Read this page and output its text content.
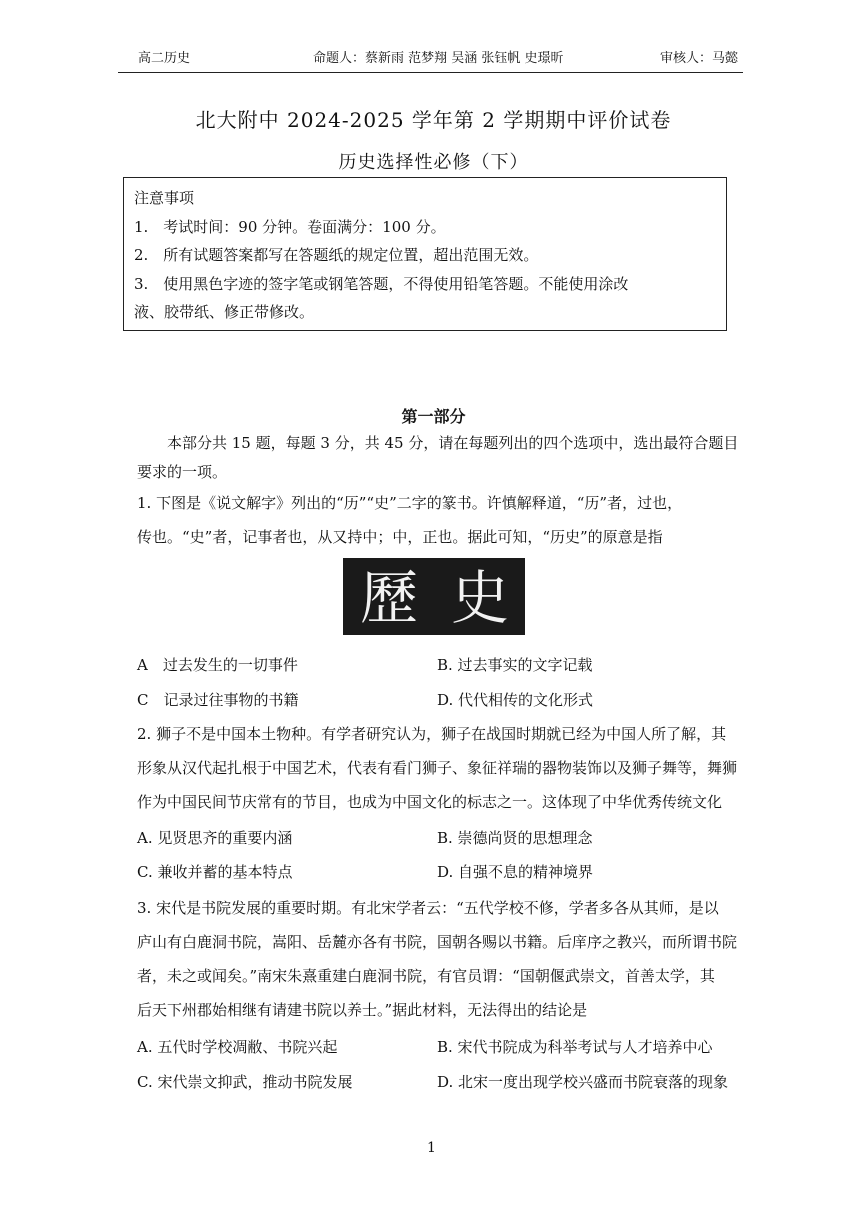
高二历史	命题人：蔡新雨 范梦翔 吴涵 张钰帆 史璟昕	审核人：马懿
北大附中 2024-2025 学年第 2 学期期中评价试卷
历史选择性必修（下）
注意事项
1.　考试时间：90 分钟。卷面满分：100 分。
2.　所有试题答案都写在答题纸的规定位置，超出范围无效。
3.　使用黑色字迹的签字笔或钢笔答题，不得使用铅笔答题。不能使用涂改
液、胶带纸、修正带修改。
第一部分
本部分共 15 题，每题 3 分，共 45 分，请在每题列出的四个选项中，选出最符合题目
要求的一项。
1. 下图是《说文解字》列出的“历”“史”二字的篆书。许慎解释道，“历”者，过也，
传也。“史”者，记事者也，从又持中；中，正也。据此可知，“历史”的原意是指
歷 史
A　过去发生的一切事件	B. 过去事实的文字记载
C　记录过往事物的书籍	D. 代代相传的文化形式
2. 狮子不是中国本土物种。有学者研究认为，狮子在战国时期就已经为中国人所了解，其
形象从汉代起扎根于中国艺术，代表有看门狮子、象征祥瑞的器物装饰以及狮子舞等，舞狮
作为中国民间节庆常有的节目，也成为中国文化的标志之一。这体现了中华优秀传统文化
A. 见贤思齐的重要内涵	B. 崇德尚贤的思想理念
C. 兼收并蓄的基本特点	D. 自强不息的精神境界
3. 宋代是书院发展的重要时期。有北宋学者云：“五代学校不修，学者多各从其师，是以
庐山有白鹿洞书院，嵩阳、岳麓亦各有书院，国朝各赐以书籍。后庠序之教兴，而所谓书院
者，未之或闻矣。”南宋朱熹重建白鹿洞书院，有官员谓：“国朝偃武崇文，首善太学，其
后天下州郡始相继有请建书院以养士。”据此材料，无法得出的结论是
A. 五代时学校凋敝、书院兴起	B. 宋代书院成为科举考试与人才培养中心
C. 宋代崇文抑武，推动书院发展	D. 北宋一度出现学校兴盛而书院衰落的现象
1
